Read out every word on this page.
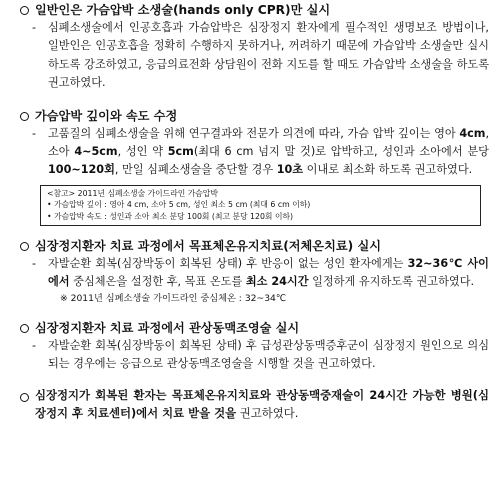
일반인은 가슴압박 소생술(hands only CPR)만 실시
-	심폐소생술에서 인공호흡과 가슴압박은 심장정지 환자에게 필수적인 생명보조 방법이나, 일반인은 인공호흡을 정확히 수행하지 못하거나, 꺼려하기 때문에 가슴압박 소생술만 실시하도록 강조하였고, 응급의료전화 상담원이 전화 지도를 할 때도 가슴압박 소생술을 하도록 권고하였다.
가슴압박 깊이와 속도 수정
-	고품질의 심폐소생술을 위해 연구결과와 전문가 의견에 따라, 가슴 압박 깊이는 영아 4cm, 소아 4~5cm, 성인 약 5cm(최대 6 cm 넘지 말 것)로 압박하고, 성인과 소아에서 분당 100~120회, 만일 심폐소생술을 중단할 경우 10초 이내로 최소화 하도록 권고하였다.
<참고> 2011년 심폐소생술 가이드라인 가슴압박
• 가슴압박 깊이 : 영아 4 cm, 소아 5 cm, 성인 최소 5 cm (최대 6 cm 이하)
• 가슴압박 속도 : 성인과 소아 최소 분당 100회 (최고 분당 120회 이하)
심장정지환자 치료 과정에서 목표체온유지치료(저체온치료) 실시
-	자발순환 회복(심장박동이 회복된 상태) 후 반응이 없는 성인 환자에게는 32~36℃ 사이에서 중심체온을 설정한 후, 목표 온도를 최소 24시간 일정하게 유지하도록 권고하였다.
※ 2011년 심폐소생술 가이드라인 중심체온 : 32~34℃
심장정지환자 치료 과정에서 관상동맥조영술 실시
-	자발순환 회복(심장박동이 회복된 상태) 후 급성관상동맥증후군이 심장정지 원인으로 의심되는 경우에는 응급으로 관상동맥조영술을 시행할 것을 권고하였다.
심장정지가 회복된 환자는 목표체온유지치료와 관상동맥중재술이 24시간 가능한 병원(심장정지 후 치료센터)에서 치료 받을 것을 권고하였다.
